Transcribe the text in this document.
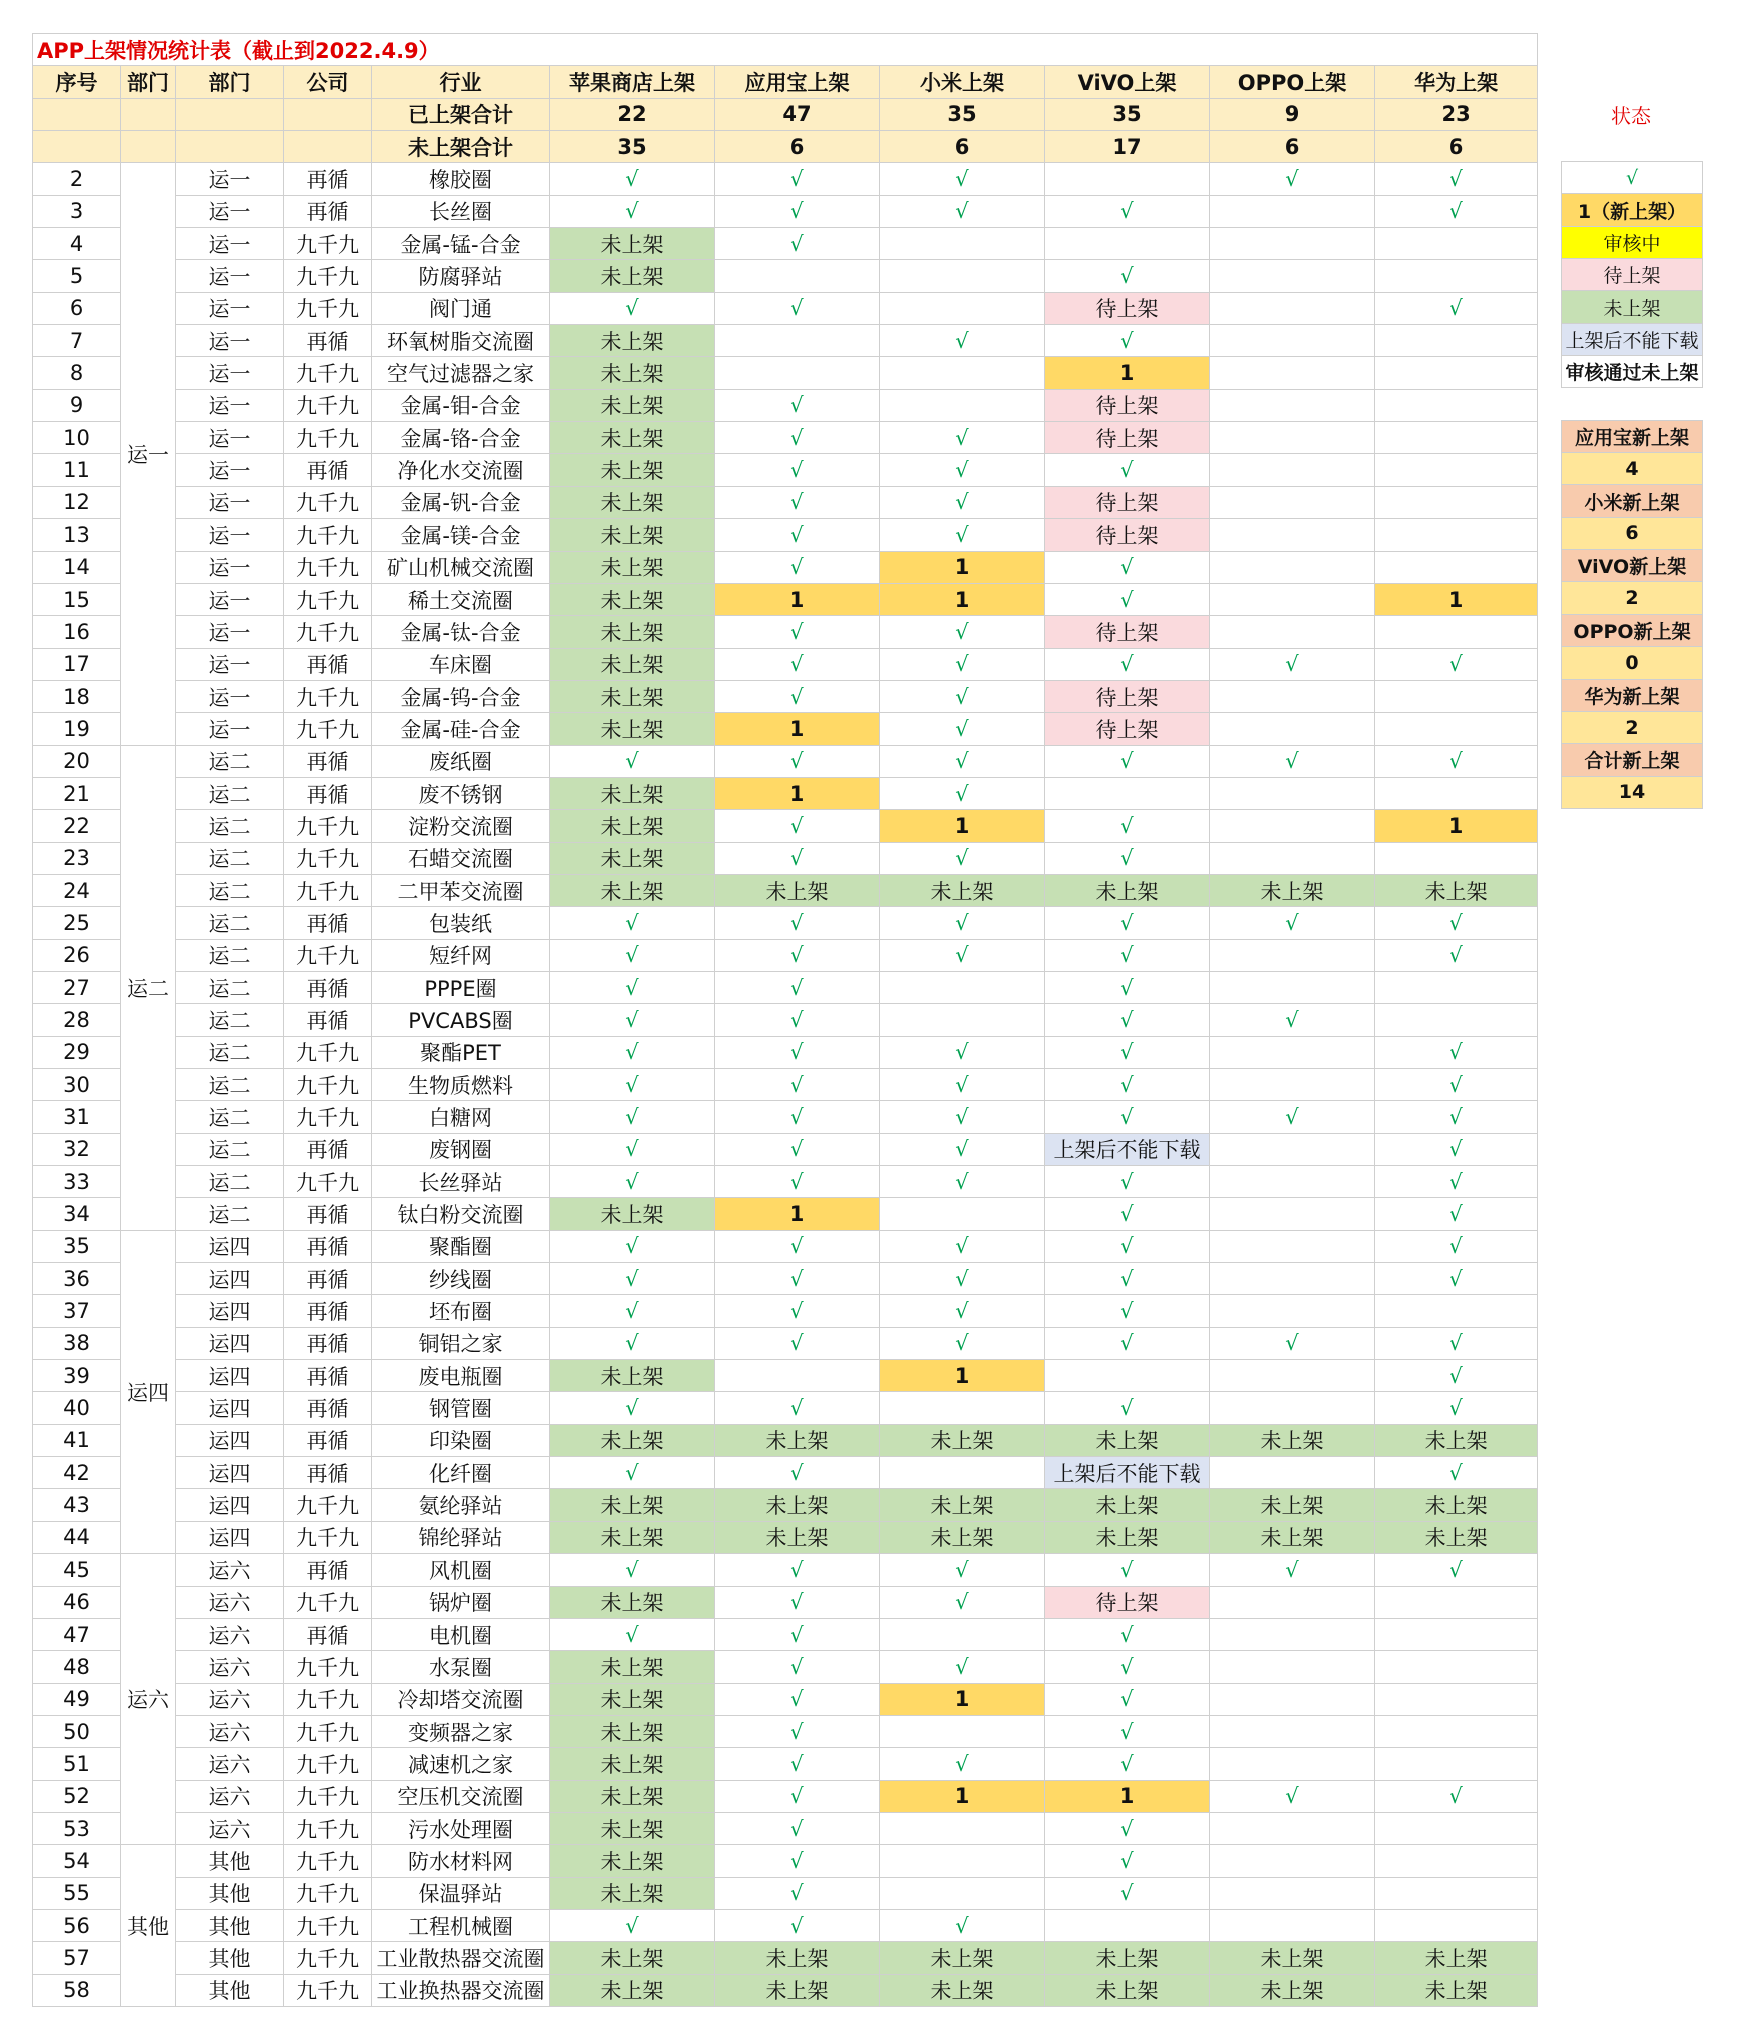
APP上架情况统计表（截止到2022.4.9）										
序号	部门	部门	公司	行业	苹果商店上架	应用宝上架	小米上架	ViVO上架	OPPO上架	华为上架
				已上架合计	22	47	35	35	9	23
				未上架合计	35	6	6	17	6	6
2	运一	运一	再循	橡胶圈	√	√	√		√	√
3		运一	再循	长丝圈	√	√	√	√		√
4		运一	九千九	金属-锰-合金	未上架	√				
5		运一	九千九	防腐驿站	未上架			√		
6		运一	九千九	阀门通	√	√		待上架		√
7		运一	再循	环氧树脂交流圈	未上架		√	√		
8		运一	九千九	空气过滤器之家	未上架			1		
9		运一	九千九	金属-钼-合金	未上架	√		待上架		
10		运一	九千九	金属-铬-合金	未上架	√	√	待上架		
11		运一	再循	净化水交流圈	未上架	√	√	√		
12		运一	九千九	金属-钒-合金	未上架	√	√	待上架		
13		运一	九千九	金属-镁-合金	未上架	√	√	待上架		
14		运一	九千九	矿山机械交流圈	未上架	√	1	√		
15		运一	九千九	稀土交流圈	未上架	1	1	√		1
16		运一	九千九	金属-钛-合金	未上架	√	√	待上架		
17		运一	再循	车床圈	未上架	√	√	√	√	√
18		运一	九千九	金属-钨-合金	未上架	√	√	待上架		
19		运一	九千九	金属-硅-合金	未上架	1	√	待上架		
20	运二	运二	再循	废纸圈	√	√	√	√	√	√
21		运二	再循	废不锈钢	未上架	1	√			
22		运二	九千九	淀粉交流圈	未上架	√	1	√		1
23		运二	九千九	石蜡交流圈	未上架	√	√	√		
24		运二	九千九	二甲苯交流圈	未上架	未上架	未上架	未上架	未上架	未上架
25		运二	再循	包装纸	√	√	√	√	√	√
26		运二	九千九	短纤网	√	√	√	√		√
27		运二	再循	PPPE圈	√	√		√		
28		运二	再循	PVCABS圈	√	√		√	√	
29		运二	九千九	聚酯PET	√	√	√	√		√
30		运二	九千九	生物质燃料	√	√	√	√		√
31		运二	九千九	白糖网	√	√	√	√	√	√
32		运二	再循	废钢圈	√	√	√	上架后不能下载		√
33		运二	九千九	长丝驿站	√	√	√	√		√
34		运二	再循	钛白粉交流圈	未上架	1		√		√
35	运四	运四	再循	聚酯圈	√	√	√	√		√
36		运四	再循	纱线圈	√	√	√	√		√
37		运四	再循	坯布圈	√	√	√	√		
38		运四	再循	铜铝之家	√	√	√	√	√	√
39		运四	再循	废电瓶圈	未上架		1			√
40		运四	再循	钢管圈	√	√		√		√
41		运四	再循	印染圈	未上架	未上架	未上架	未上架	未上架	未上架
42		运四	再循	化纤圈	√	√		上架后不能下载		√
43		运四	九千九	氨纶驿站	未上架	未上架	未上架	未上架	未上架	未上架
44		运四	九千九	锦纶驿站	未上架	未上架	未上架	未上架	未上架	未上架
45	运六	运六	再循	风机圈	√	√	√	√	√	√
46		运六	九千九	锅炉圈	未上架	√	√	待上架		
47		运六	再循	电机圈	√	√		√		
48		运六	九千九	水泵圈	未上架	√	√	√		
49		运六	九千九	冷却塔交流圈	未上架	√	1	√		
50		运六	九千九	变频器之家	未上架	√		√		
51		运六	九千九	减速机之家	未上架	√	√	√		
52		运六	九千九	空压机交流圈	未上架	√	1	1	√	√
53		运六	九千九	污水处理圈	未上架	√		√		
54	其他	其他	九千九	防水材料网	未上架	√		√		
55		其他	九千九	保温驿站	未上架	√		√		
56		其他	九千九	工程机械圈	√	√	√			
57		其他	九千九	工业散热器交流圈	未上架	未上架	未上架	未上架	未上架	未上架
58		其他	九千九	工业换热器交流圈	未上架	未上架	未上架	未上架	未上架	未上架
状态
√
1（新上架）
审核中
待上架
未上架
上架后不能下载
审核通过未上架

应用宝新上架
4
小米新上架
6
ViVO新上架
2
OPPO新上架
0
华为新上架
2
合计新上架
14
